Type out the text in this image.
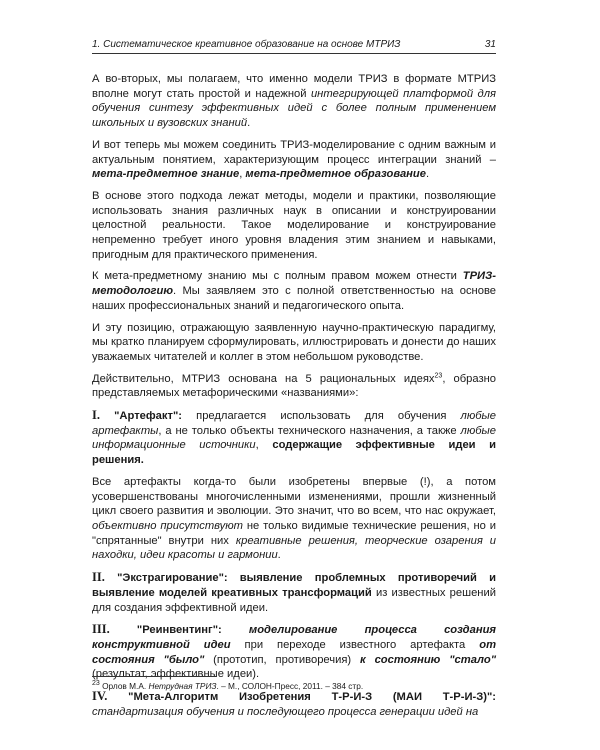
1. Систематическое креативное образование на основе МТРИЗ	31

А во-вторых, мы полагаем, что именно модели ТРИЗ в формате МТРИЗ вполне могут стать простой и надежной интегрирующей платформой для обучения синтезу эффективных идей с более полным применением школьных и вузовских знаний.

И вот теперь мы можем соединить ТРИЗ-моделирование с одним важным и актуальным понятием, характеризующим процесс интеграции знаний – мета-предметное знание, мета-предметное образование.

В основе этого подхода лежат методы, модели и практики, позволяющие использовать знания различных наук в описании и конструировании целостной реальности. Такое моделирование и конструирование непременно требует иного уровня владения этим знанием и навыками, пригодным для практического применения.

К мета-предметному знанию мы с полным правом можем отнести ТРИЗ-методологию. Мы заявляем это с полной ответственностью на основе наших профессиональных знаний и педагогического опыта.

И эту позицию, отражающую заявленную научно-практическую парадигму, мы кратко планируем сформулировать, иллюстрировать и донести до наших уважаемых читателей и коллег в этом небольшом руководстве.

Действительно, МТРИЗ основана на 5 рациональных идеях$^{23}$, образно представляемых метафорическими «названиями»:

I. "Артефакт": предлагается использовать для обучения любые артефакты, а не только объекты технического назначения, а также любые информационные источники, содержащие эффективные идеи и решения.

Все артефакты когда-то были изобретены впервые (!), а потом усовершенствованы многочисленными изменениями, прошли жизненный цикл своего развития и эволюции. Это значит, что во всем, что нас окружает, объективно присутствуют не только видимые технические решения, но и "спрятанные" внутри них креативные решения, теорческие озарения и находки, идеи красоты и гармонии.

II. "Экстрагирование": выявление проблемных противоречий и выявление моделей креативных трансформаций из известных решений для создания эффективной идеи.

III. "Реинвентинг": моделирование процесса создания конструктивной идеи при переходе известного артефакта от состояния "было" (прототип, противоречия) к состоянию "стало" (результат, эффективные идеи).

IV. "Мета-Алгоритм Изобретения Т-Р-И-З (МАИ Т-Р-И-З)": стандартизация обучения и последующего процесса генерации идей на

$^{23}$ Орлов М.А. Нетрудная ТРИЗ. – М., СОЛОН-Пресс, 2011. – 384 стр.
